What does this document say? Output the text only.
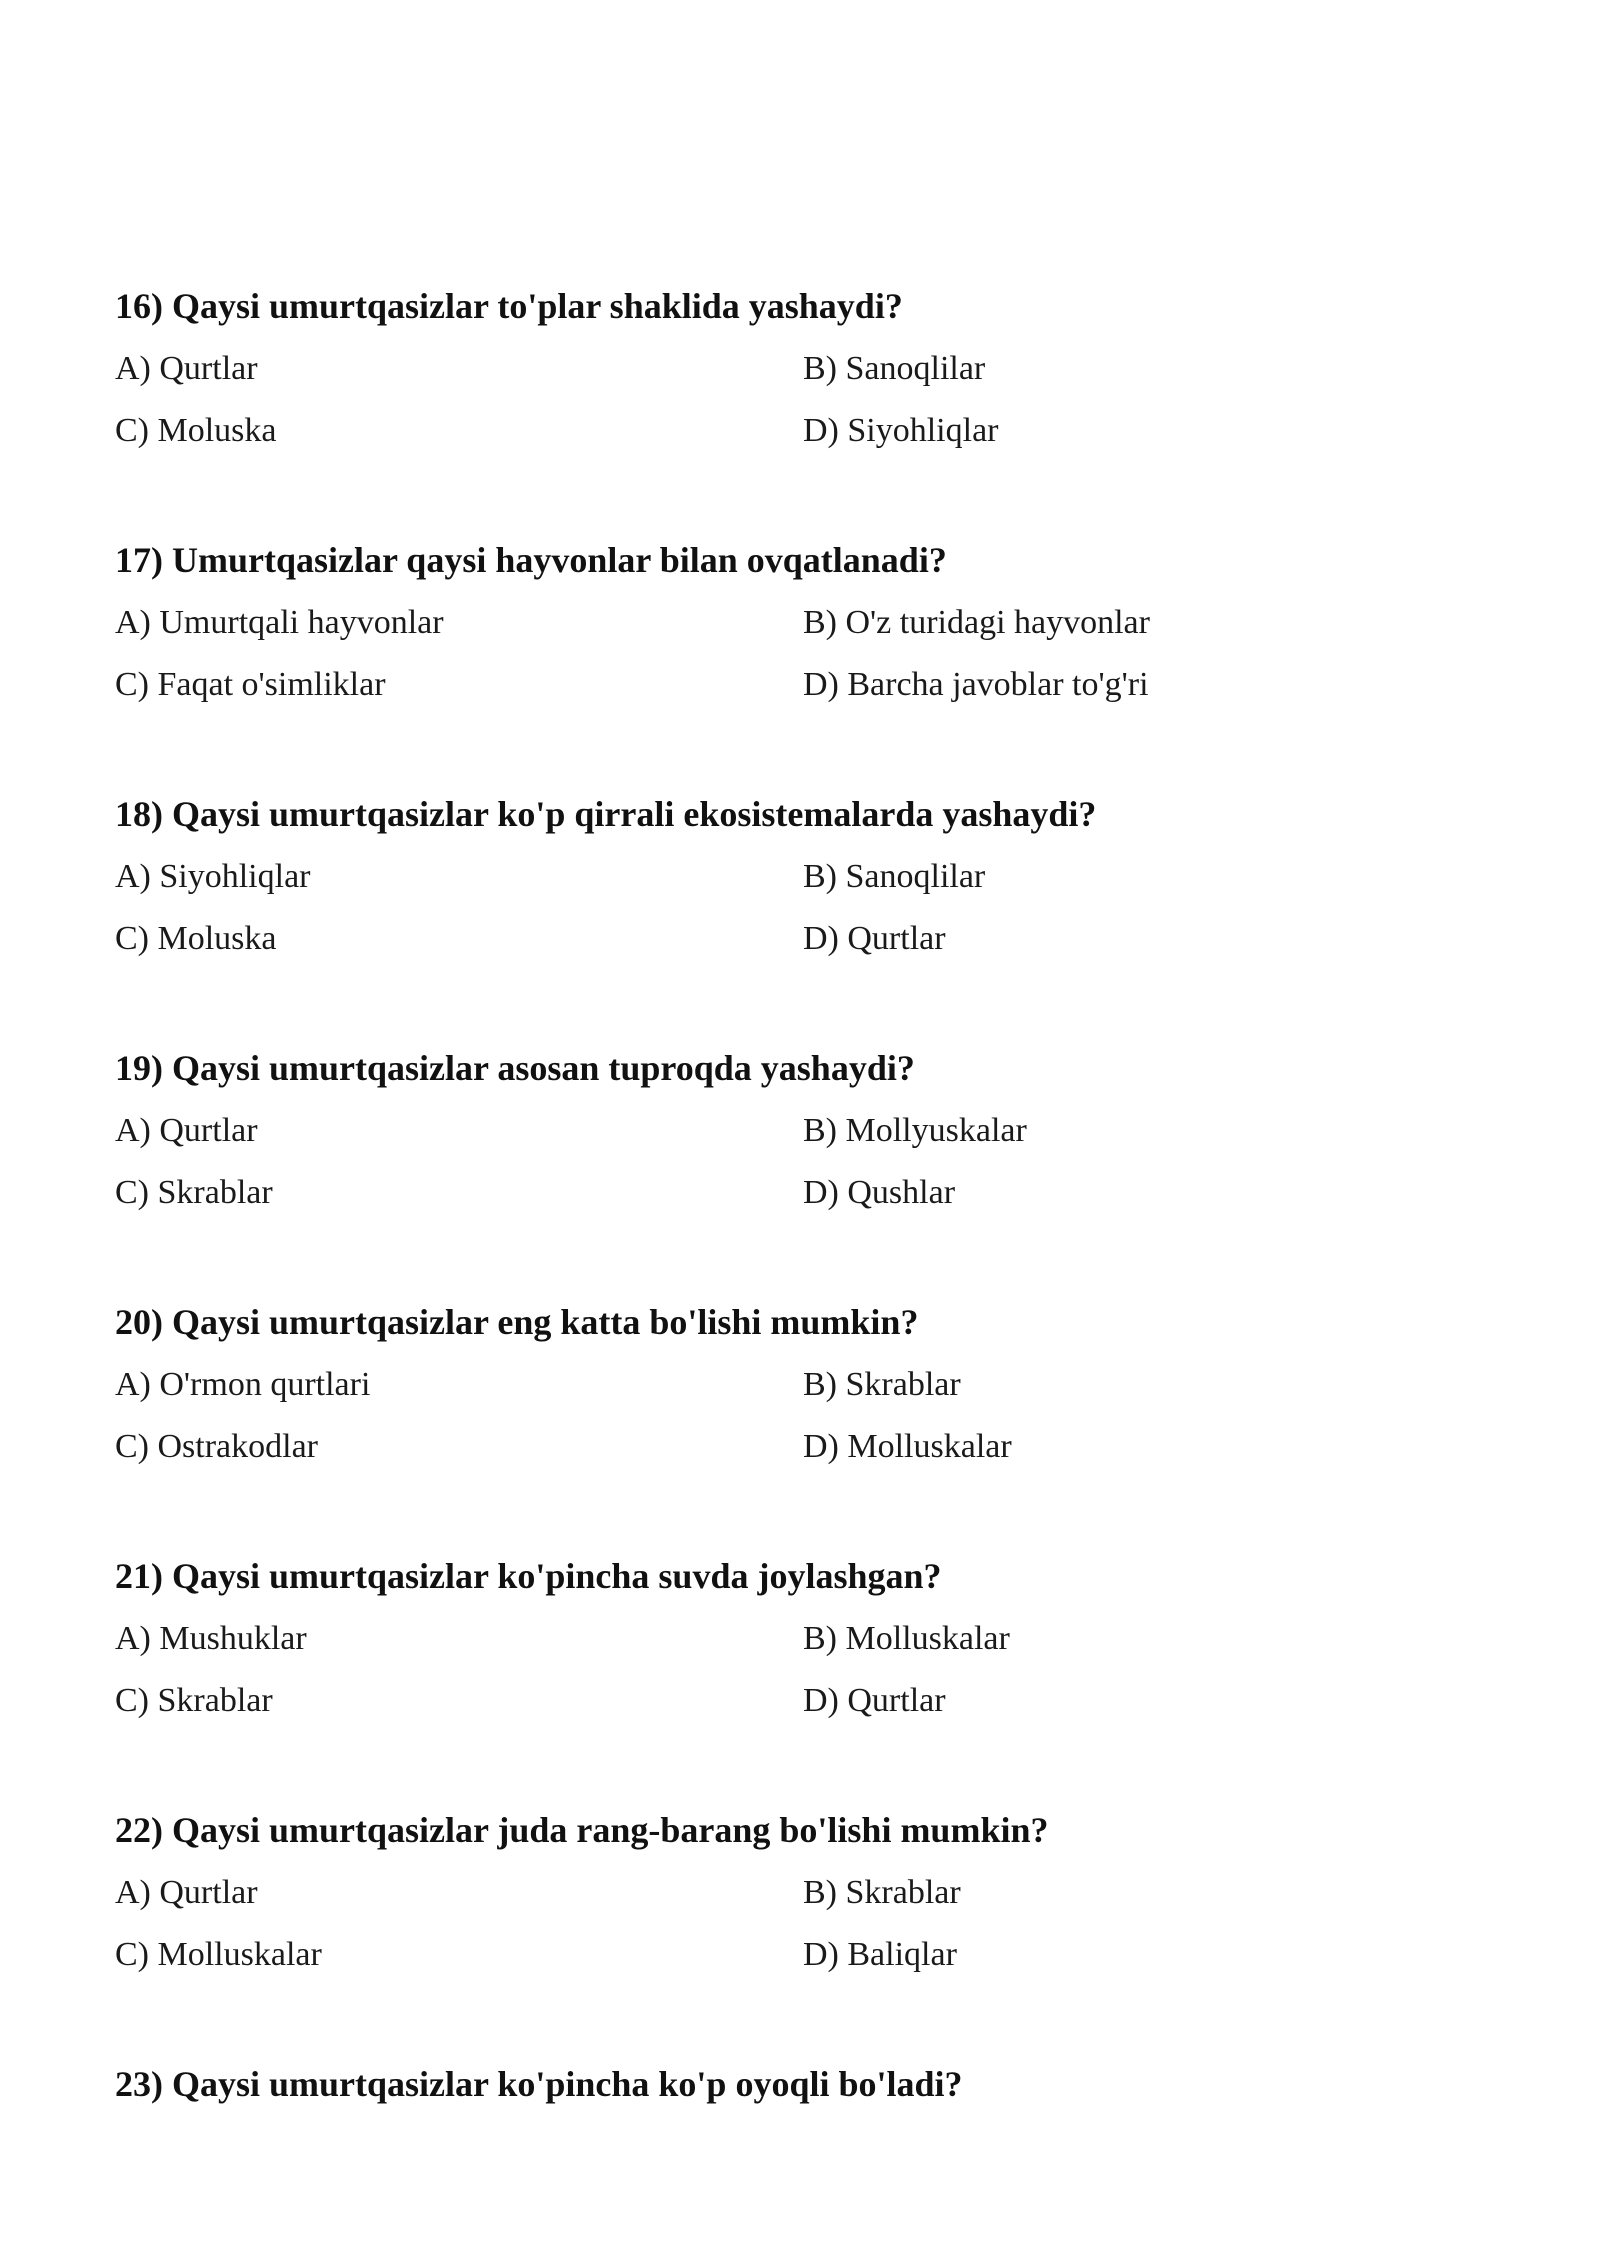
16) Qaysi umurtqasizlar to'plar shaklida yashaydi?
A) Qurtlar	B) Sanoqlilar
C) Moluska	D) Siyohliqlar
17) Umurtqasizlar qaysi hayvonlar bilan ovqatlanadi?
A) Umurtqali hayvonlar	B) O'z turidagi hayvonlar
C) Faqat o'simliklar	D) Barcha javoblar to'g'ri
18) Qaysi umurtqasizlar ko'p qirrali ekosistemalarda yashaydi?
A) Siyohliqlar	B) Sanoqlilar
C) Moluska	D) Qurtlar
19) Qaysi umurtqasizlar asosan tuproqda yashaydi?
A) Qurtlar	B) Mollyuskalar
C) Skrablar	D) Qushlar
20) Qaysi umurtqasizlar eng katta bo'lishi mumkin?
A) O'rmon qurtlari	B) Skrablar
C) Ostrakodlar	D) Molluskalar
21) Qaysi umurtqasizlar ko'pincha suvda joylashgan?
A) Mushuklar	B) Molluskalar
C) Skrablar	D) Qurtlar
22) Qaysi umurtqasizlar juda rang-barang bo'lishi mumkin?
A) Qurtlar	B) Skrablar
C) Molluskalar	D) Baliqlar
23) Qaysi umurtqasizlar ko'pincha ko'p oyoqli bo'ladi?
